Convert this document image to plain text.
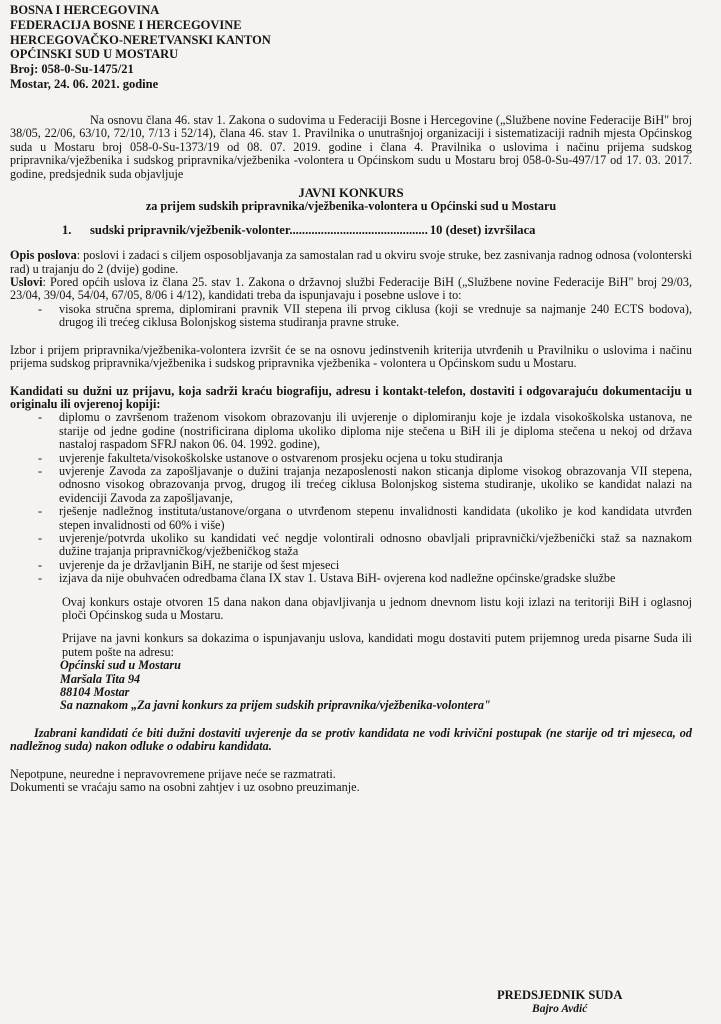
BOSNA I HERCEGOVINA
FEDERACIJA BOSNE I HERCEGOVINE
HERCEGOVAČKO-NERETVANSKI KANTON
OPĆINSKI SUD U MOSTARU
Broj: 058-0-Su-1475/21
Mostar, 24. 06. 2021. godine

Na osnovu člana 46. stav 1. Zakona o sudovima u Federaciji Bosne i Hercegovine („Službene novine Federacije BiH" broj 38/05, 22/06, 63/10, 72/10, 7/13 i 52/14), člana 46. stav 1. Pravilnika o unutrašnjoj organizaciji i sistematizaciji radnih mjesta Općinskog suda u Mostaru broj 058-0-Su-1373/19 od 08. 07. 2019. godine i člana 4. Pravilnika o uslovima i načinu prijema sudskog pripravnika/vježbenika i sudskog pripravnika/vježbenika -volontera u Općinskom sudu u Mostaru broj 058-0-Su-497/17 od 17. 03. 2017. godine, predsjednik suda objavljuje

JAVNI KONKURS
za prijem sudskih pripravnika/vježbenika-volontera u Općinski sud u Mostaru
1.	sudski pripravnik/vježbenik-volonter............................................ 10 (deset) izvršilaca

Opis poslova: poslovi i zadaci s ciljem osposobljavanja za samostalan rad u okviru svoje struke, bez zasnivanja radnog odnosa (volonterski rad) u trajanju do 2 (dvije) godine.

Uslovi: Pored općih uslova iz člana 25. stav 1. Zakona o državnoj službi Federacije BiH („Službene novine Federacije BiH" broj 29/03, 23/04, 39/04, 54/04, 67/05, 8/06 i 4/12), kandidati treba da ispunjavaju i posebne uslove i to:

- visoka stručna sprema, diplomirani pravnik VII stepena ili prvog ciklusa (koji se vrednuje sa najmanje 240 ECTS bodova), drugog ili trećeg ciklusa Bolonjskog sistema studiranja pravne struke.

Izbor i prijem pripravnika/vježbenika-volontera izvršit će se na osnovu jedinstvenih kriterija utvrđenih u Pravilniku o uslovima i načinu prijema sudskog pripravnika/vježbenika i sudskog pripravnika vježbenika - volontera u Općinskom sudu u Mostaru.

Kandidati su dužni uz prijavu, koja sadrži kraću biografiju, adresu i kontakt-telefon, dostaviti i odgovarajuću dokumentaciju u originalu ili ovjerenoj kopiji:

- diplomu o završenom traženom visokom obrazovanju ili uvjerenje o diplomiranju koje je izdala visokoškolska ustanova, ne starije od jedne godine (nostrificirana diploma ukoliko diploma nije stečena u BiH ili je diploma stečena u nekoj od država nastaloj raspadom SFRJ nakon 06. 04. 1992. godine),
- uvjerenje fakulteta/visokoškolske ustanove o ostvarenom prosjeku ocjena u toku studiranja
- uvjerenje Zavoda za zapošljavanje o dužini trajanja nezaposlenosti nakon sticanja diplome visokog obrazovanja VII stepena, odnosno visokog obrazovanja prvog, drugog ili trećeg ciklusa Bolonjskog sistema studiranje, ukoliko se kandidat nalazi na evidenciji Zavoda za zapošljavanje,
- rješenje nadležnog instituta/ustanove/organa o utvrđenom stepenu invalidnosti kandidata (ukoliko je kod kandidata utvrđen stepen invalidnosti od 60% i više)
- uvjerenje/potvrda ukoliko su kandidati već negdje volontirali odnosno obavljali pripravnički/vježbenički staž sa naznakom dužine trajanja pripravničkog/vježbeničkog staža
- uvjerenje da je državljanin BiH, ne starije od šest mjeseci
- izjava da nije obuhvaćen odredbama člana IX stav 1. Ustava BiH- ovjerena kod nadležne općinske/gradske službe

Ovaj konkurs ostaje otvoren 15 dana nakon dana objavljivanja u jednom dnevnom listu koji izlazi na teritoriji BiH i oglasnoj ploči Općinskog suda u Mostaru.

Prijave na javni konkurs sa dokazima o ispunjavanju uslova, kandidati mogu dostaviti putem prijemnog ureda pisarne Suda ili putem pošte na adresu:

Općinski sud u Mostaru
Maršala Tita 94
88104 Mostar
Sa naznakom „Za javni konkurs za prijem sudskih pripravnika/vježbenika-volontera"

Izabrani kandidati će biti dužni dostaviti uvjerenje da se protiv kandidata ne vodi krivični postupak (ne starije od tri mjeseca, od nadležnog suda) nakon odluke o odabiru kandidata.

Nepotpune, neuredne i nepravovremene prijave neće se razmatrati.

Dokumenti se vraćaju samo na osobni zahtjev i uz osobno preuzimanje.

PREDSJEDNIK SUDA
Bajro Avdić
